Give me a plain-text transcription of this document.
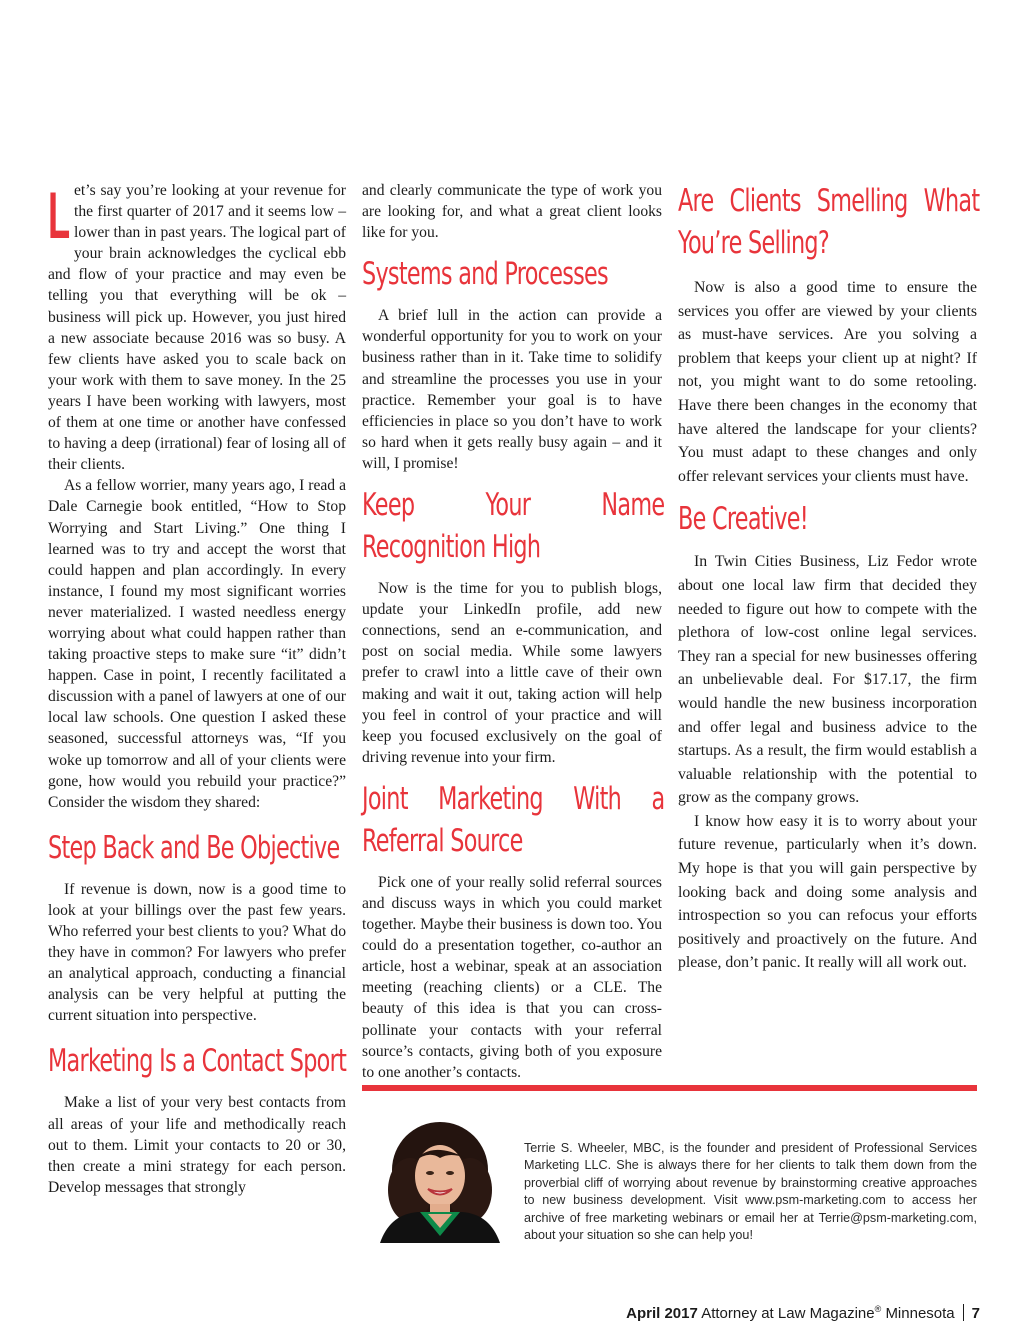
Let’s say you’re looking at your revenue for the first quarter of 2017 and it seems low – lower than in past years. The logical part of your brain acknowledges the cyclical ebb and flow of your practice and may even be telling you that everything will be ok – business will pick up. However, you just hired a new associate because 2016 was so busy. A few clients have asked you to scale back on your work with them to save money. In the 25 years I have been working with lawyers, most of them at one time or another have confessed to having a deep (irrational) fear of losing all of their clients.

As a fellow worrier, many years ago, I read a Dale Carnegie book entitled, “How to Stop Worrying and Start Living.” One thing I learned was to try and accept the worst that could happen and plan accordingly. In every instance, I found my most significant worries never materialized. I wasted needless energy worrying about what could happen rather than taking proactive steps to make sure “it” didn’t happen. Case in point, I recently facilitated a discussion with a panel of lawyers at one of our local law schools. One question I asked these seasoned, successful attorneys was, “If you woke up tomorrow and all of your clients were gone, how would you rebuild your practice?” Consider the wisdom they shared:

Step Back and Be Objective

If revenue is down, now is a good time to look at your billings over the past few years. Who referred your best clients to you? What do they have in common? For lawyers who prefer an analytical approach, conducting a financial analysis can be very helpful at putting the current situation into perspective.

Marketing Is a Contact Sport

Make a list of your very best contacts from all areas of your life and methodically reach out to them. Limit your contacts to 20 or 30, then create a mini strategy for each person. Develop messages that strongly

and clearly communicate the type of work you are looking for, and what a great client looks like for you.

Systems and Processes

A brief lull in the action can provide a wonderful opportunity for you to work on your business rather than in it. Take time to solidify and streamline the processes you use in your practice. Remember your goal is to have efficiencies in place so you don’t have to work so hard when it gets really busy again – and it will, I promise!

Keep Your Name Recognition High

Now is the time for you to publish blogs, update your LinkedIn profile, add new connections, send an e-communication, and post on social media. While some lawyers prefer to crawl into a little cave of their own making and wait it out, taking action will help you feel in control of your practice and will keep you focused exclusively on the goal of driving revenue into your firm.

Joint Marketing With a Referral Source

Pick one of your really solid referral sources and discuss ways in which you could market together. Maybe their business is down too. You could do a presentation together, co-author an article, host a webinar, speak at an association meeting (reaching clients) or a CLE. The beauty of this idea is that you can cross-pollinate your contacts with your referral source’s contacts, giving both of you exposure to one another’s contacts.

Are Clients Smelling What You’re Selling?

Now is also a good time to ensure the services you offer are viewed by your clients as must-have services. Are you solving a problem that keeps your client up at night? If not, you might want to do some retooling. Have there been changes in the economy that have altered the landscape for your clients? You must adapt to these changes and only offer relevant services your clients must have.

Be Creative!

In Twin Cities Business, Liz Fedor wrote about one local law firm that decided they needed to figure out how to compete with the plethora of low-cost online legal services. They ran a special for new businesses offering an unbelievable deal. For $17.17, the firm would handle the new business incorporation and offer legal and business advice to the startups. As a result, the firm would establish a valuable relationship with the potential to grow as the company grows.

I know how easy it is to worry about your future revenue, particularly when it’s down. My hope is that you will gain perspective by looking back and doing some analysis and introspection so you can refocus your efforts positively and proactively on the future. And please, don’t panic. It really will all work out.

Terrie S. Wheeler, MBC, is the founder and president of Professional Services Marketing LLC. She is always there for her clients to talk them down from the proverbial cliff of worrying about revenue by brainstorming creative approaches to new business development. Visit www.psm-marketing.com to access her archive of free marketing webinars or email her at Terrie@psm-marketing.com, about your situation so she can help you!
April 2017 Attorney at Law Magazine® Minnesota 7
